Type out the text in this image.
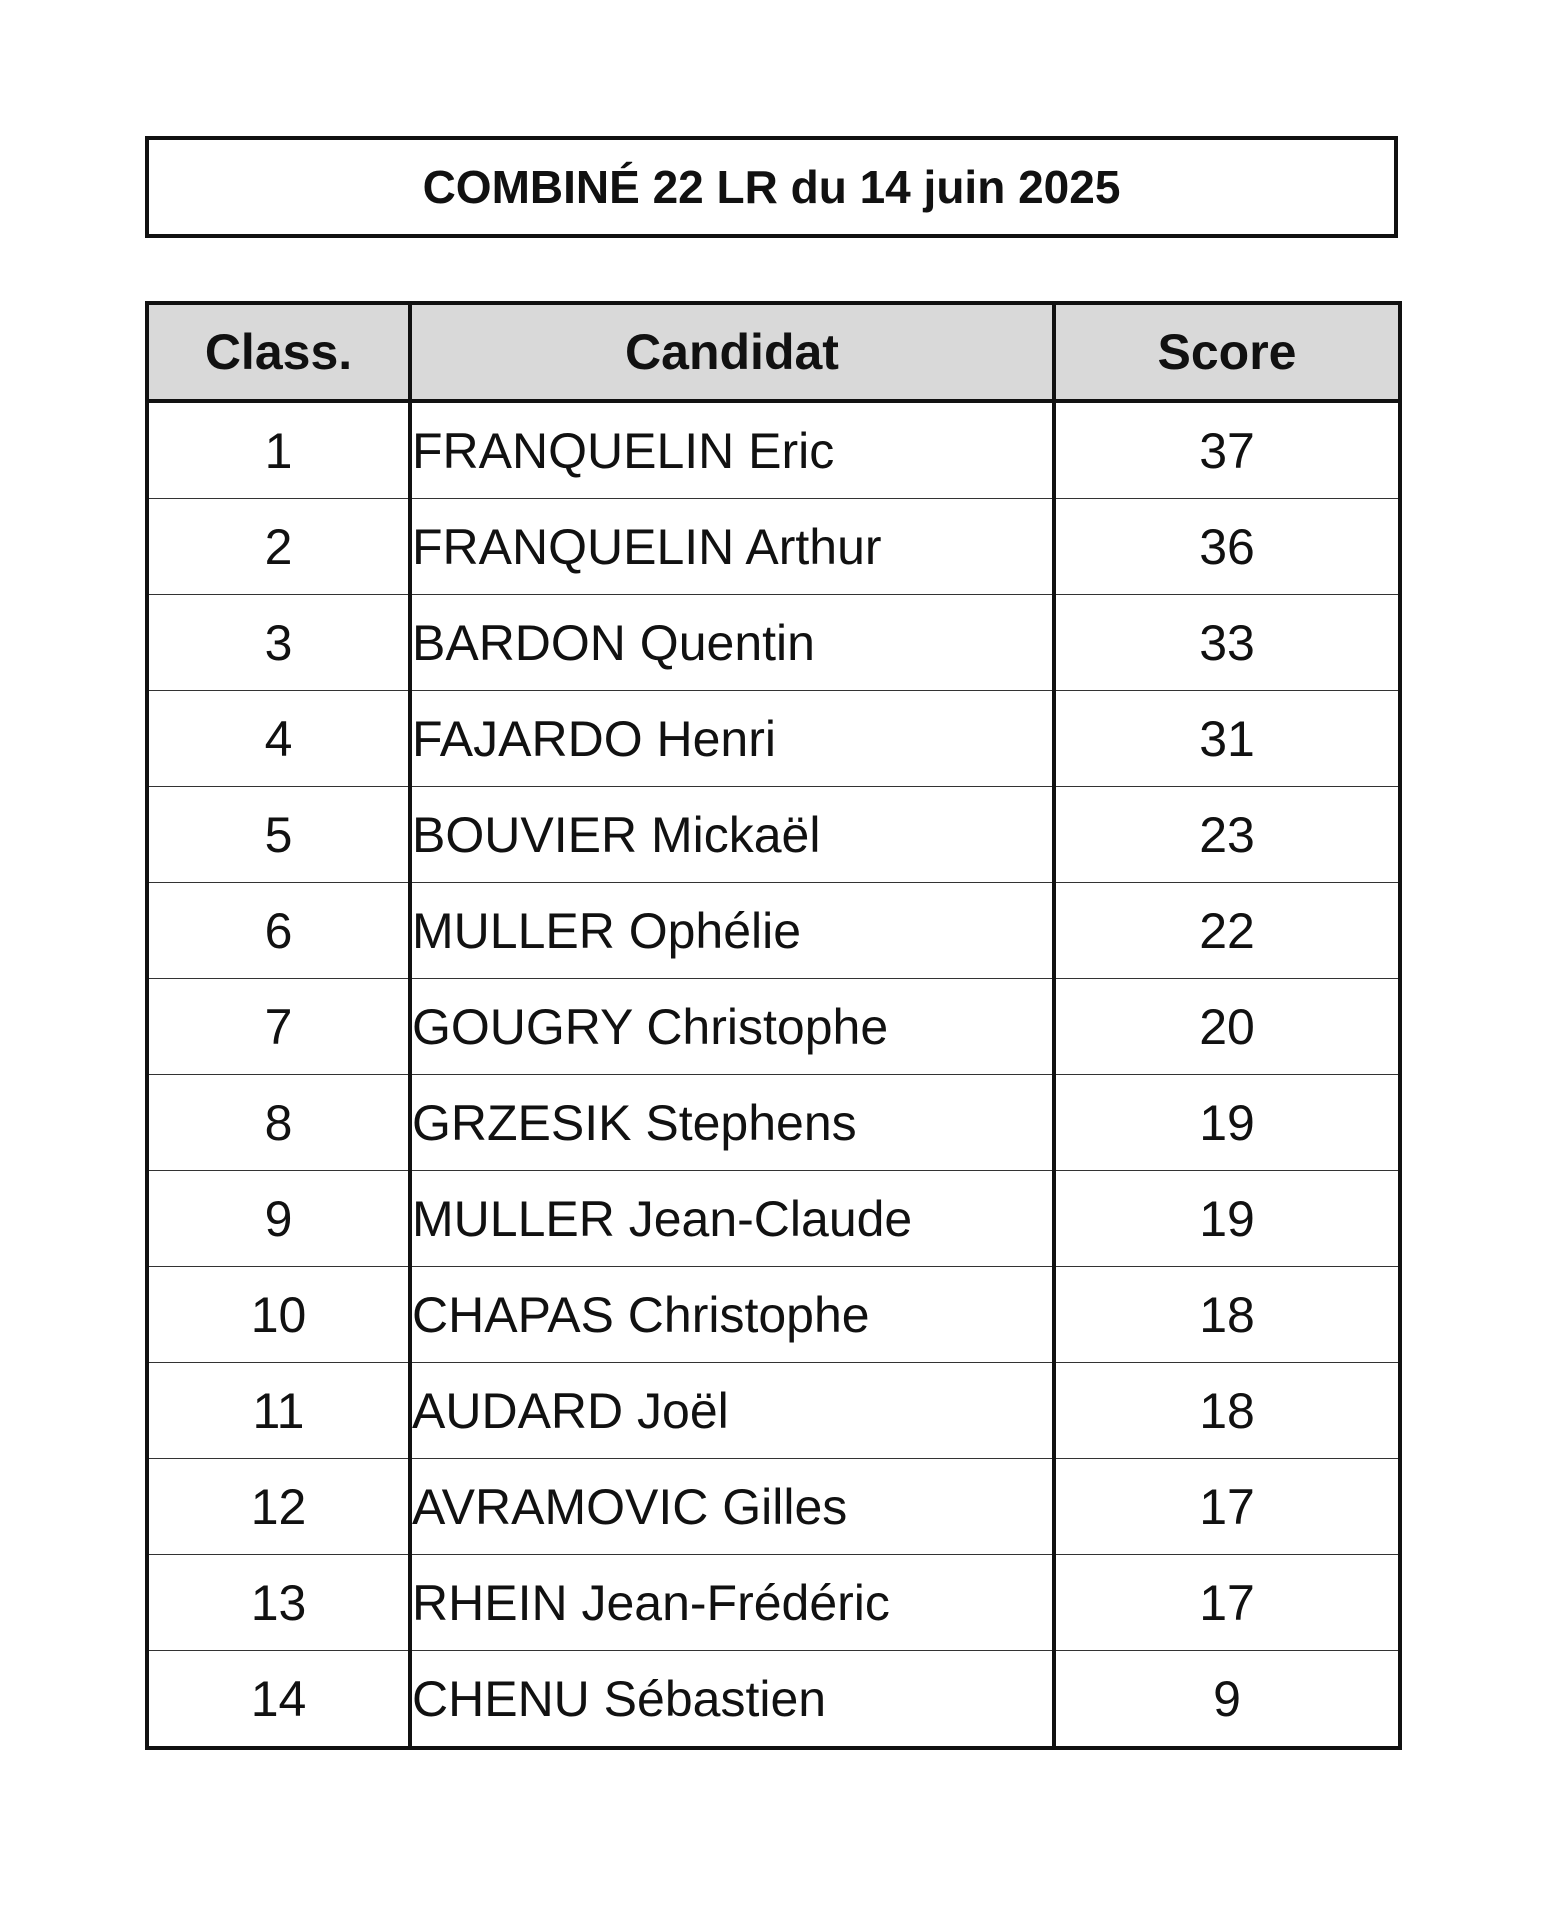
COMBINÉ 22 LR du 14 juin 2025
Class.	Candidat	Score
1	FRANQUELIN Eric	37
2	FRANQUELIN Arthur	36
3	BARDON Quentin	33
4	FAJARDO Henri	31
5	BOUVIER Mickaël	23
6	MULLER Ophélie	22
7	GOUGRY Christophe	20
8	GRZESIK Stephens	19
9	MULLER Jean-Claude	19
10	CHAPAS Christophe	18
11	AUDARD Joël	18
12	AVRAMOVIC Gilles	17
13	RHEIN Jean-Frédéric	17
14	CHENU Sébastien	9
